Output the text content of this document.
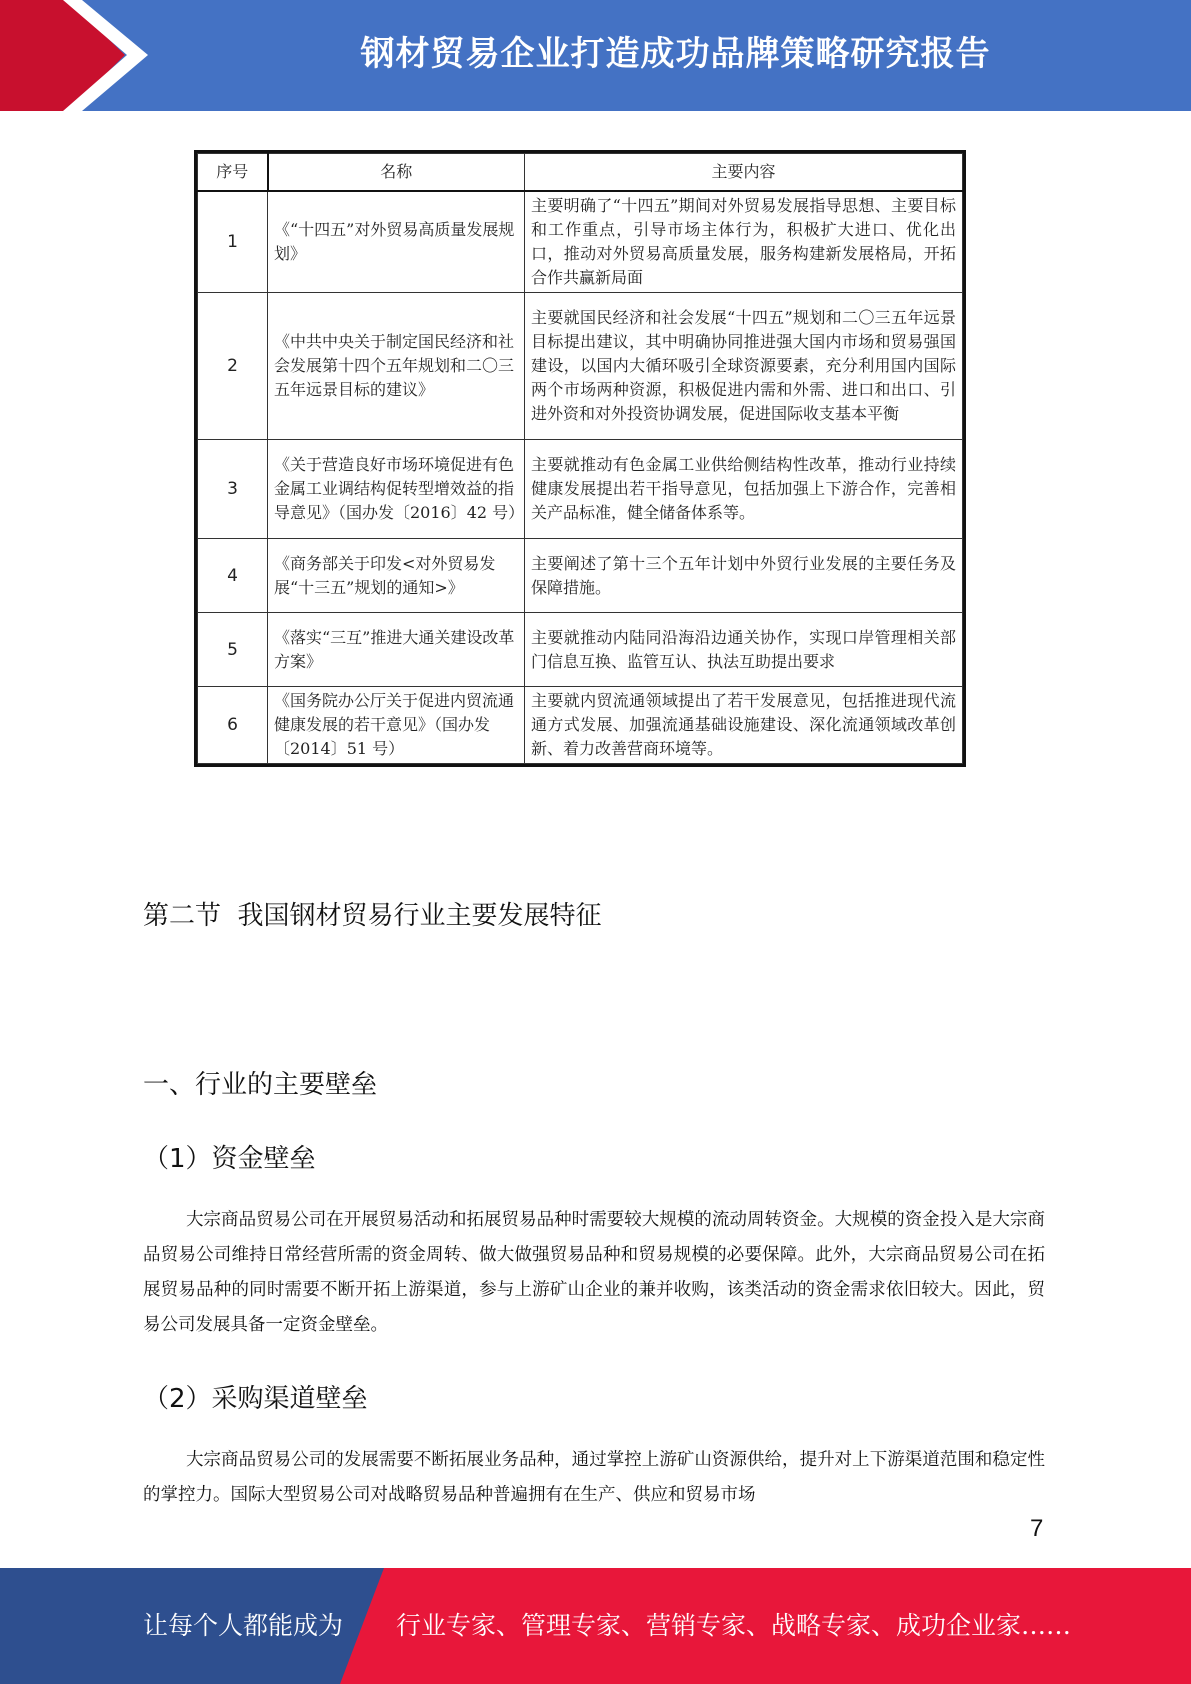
钢材贸易企业打造成功品牌策略研究报告
序号	名称	主要内容
1	《“十四五”对外贸易高质量发展规划》	主要明确了“十四五”期间对外贸易发展指导思想、主要目标和工作重点，引导市场主体行为，积极扩大进口、优化出口，推动对外贸易高质量发展，服务构建新发展格局，开拓合作共赢新局面
2	《中共中央关于制定国民经济和社会发展第十四个五年规划和二〇三五年远景目标的建议》	主要就国民经济和社会发展“十四五”规划和二〇三五年远景目标提出建议，其中明确协同推进强大国内市场和贸易强国建设，以国内大循环吸引全球资源要素，充分利用国内国际两个市场两种资源，积极促进内需和外需、进口和出口、引进外资和对外投资协调发展，促进国际收支基本平衡
3	《关于营造良好市场环境促进有色金属工业调结构促转型增效益的指导意见》（国办发〔2016〕42 号）	主要就推动有色金属工业供给侧结构性改革，推动行业持续健康发展提出若干指导意见，包括加强上下游合作，完善相关产品标准，健全储备体系等。
4	《商务部关于印发<对外贸易发展“十三五”规划的通知>》	主要阐述了第十三个五年计划中外贸行业发展的主要任务及保障措施。
5	《落实“三互”推进大通关建设改革方案》	主要就推动内陆同沿海沿边通关协作，实现口岸管理相关部门信息互换、监管互认、执法互助提出要求
6	《国务院办公厅关于促进内贸流通健康发展的若干意见》（国办发〔2014〕51 号）	主要就内贸流通领域提出了若干发展意见，包括推进现代流通方式发展、加强流通基础设施建设、深化流通领域改革创新、着力改善营商环境等。
第二节  我国钢材贸易行业主要发展特征
一、行业的主要壁垒
（1）资金壁垒
大宗商品贸易公司在开展贸易活动和拓展贸易品种时需要较大规模的流动周转资金。大规模的资金投入是大宗商品贸易公司维持日常经营所需的资金周转、做大做强贸易品种和贸易规模的必要保障。此外，大宗商品贸易公司在拓展贸易品种的同时需要不断开拓上游渠道，参与上游矿山企业的兼并收购，该类活动的资金需求依旧较大。因此，贸易公司发展具备一定资金壁垒。
（2）采购渠道壁垒
大宗商品贸易公司的发展需要不断拓展业务品种，通过掌控上游矿山资源供给，提升对上下游渠道范围和稳定性的掌控力。国际大型贸易公司对战略贸易品种普遍拥有在生产、供应和贸易市场
7
让每个人都能成为 行业专家、管理专家、营销专家、战略专家、成功企业家……
